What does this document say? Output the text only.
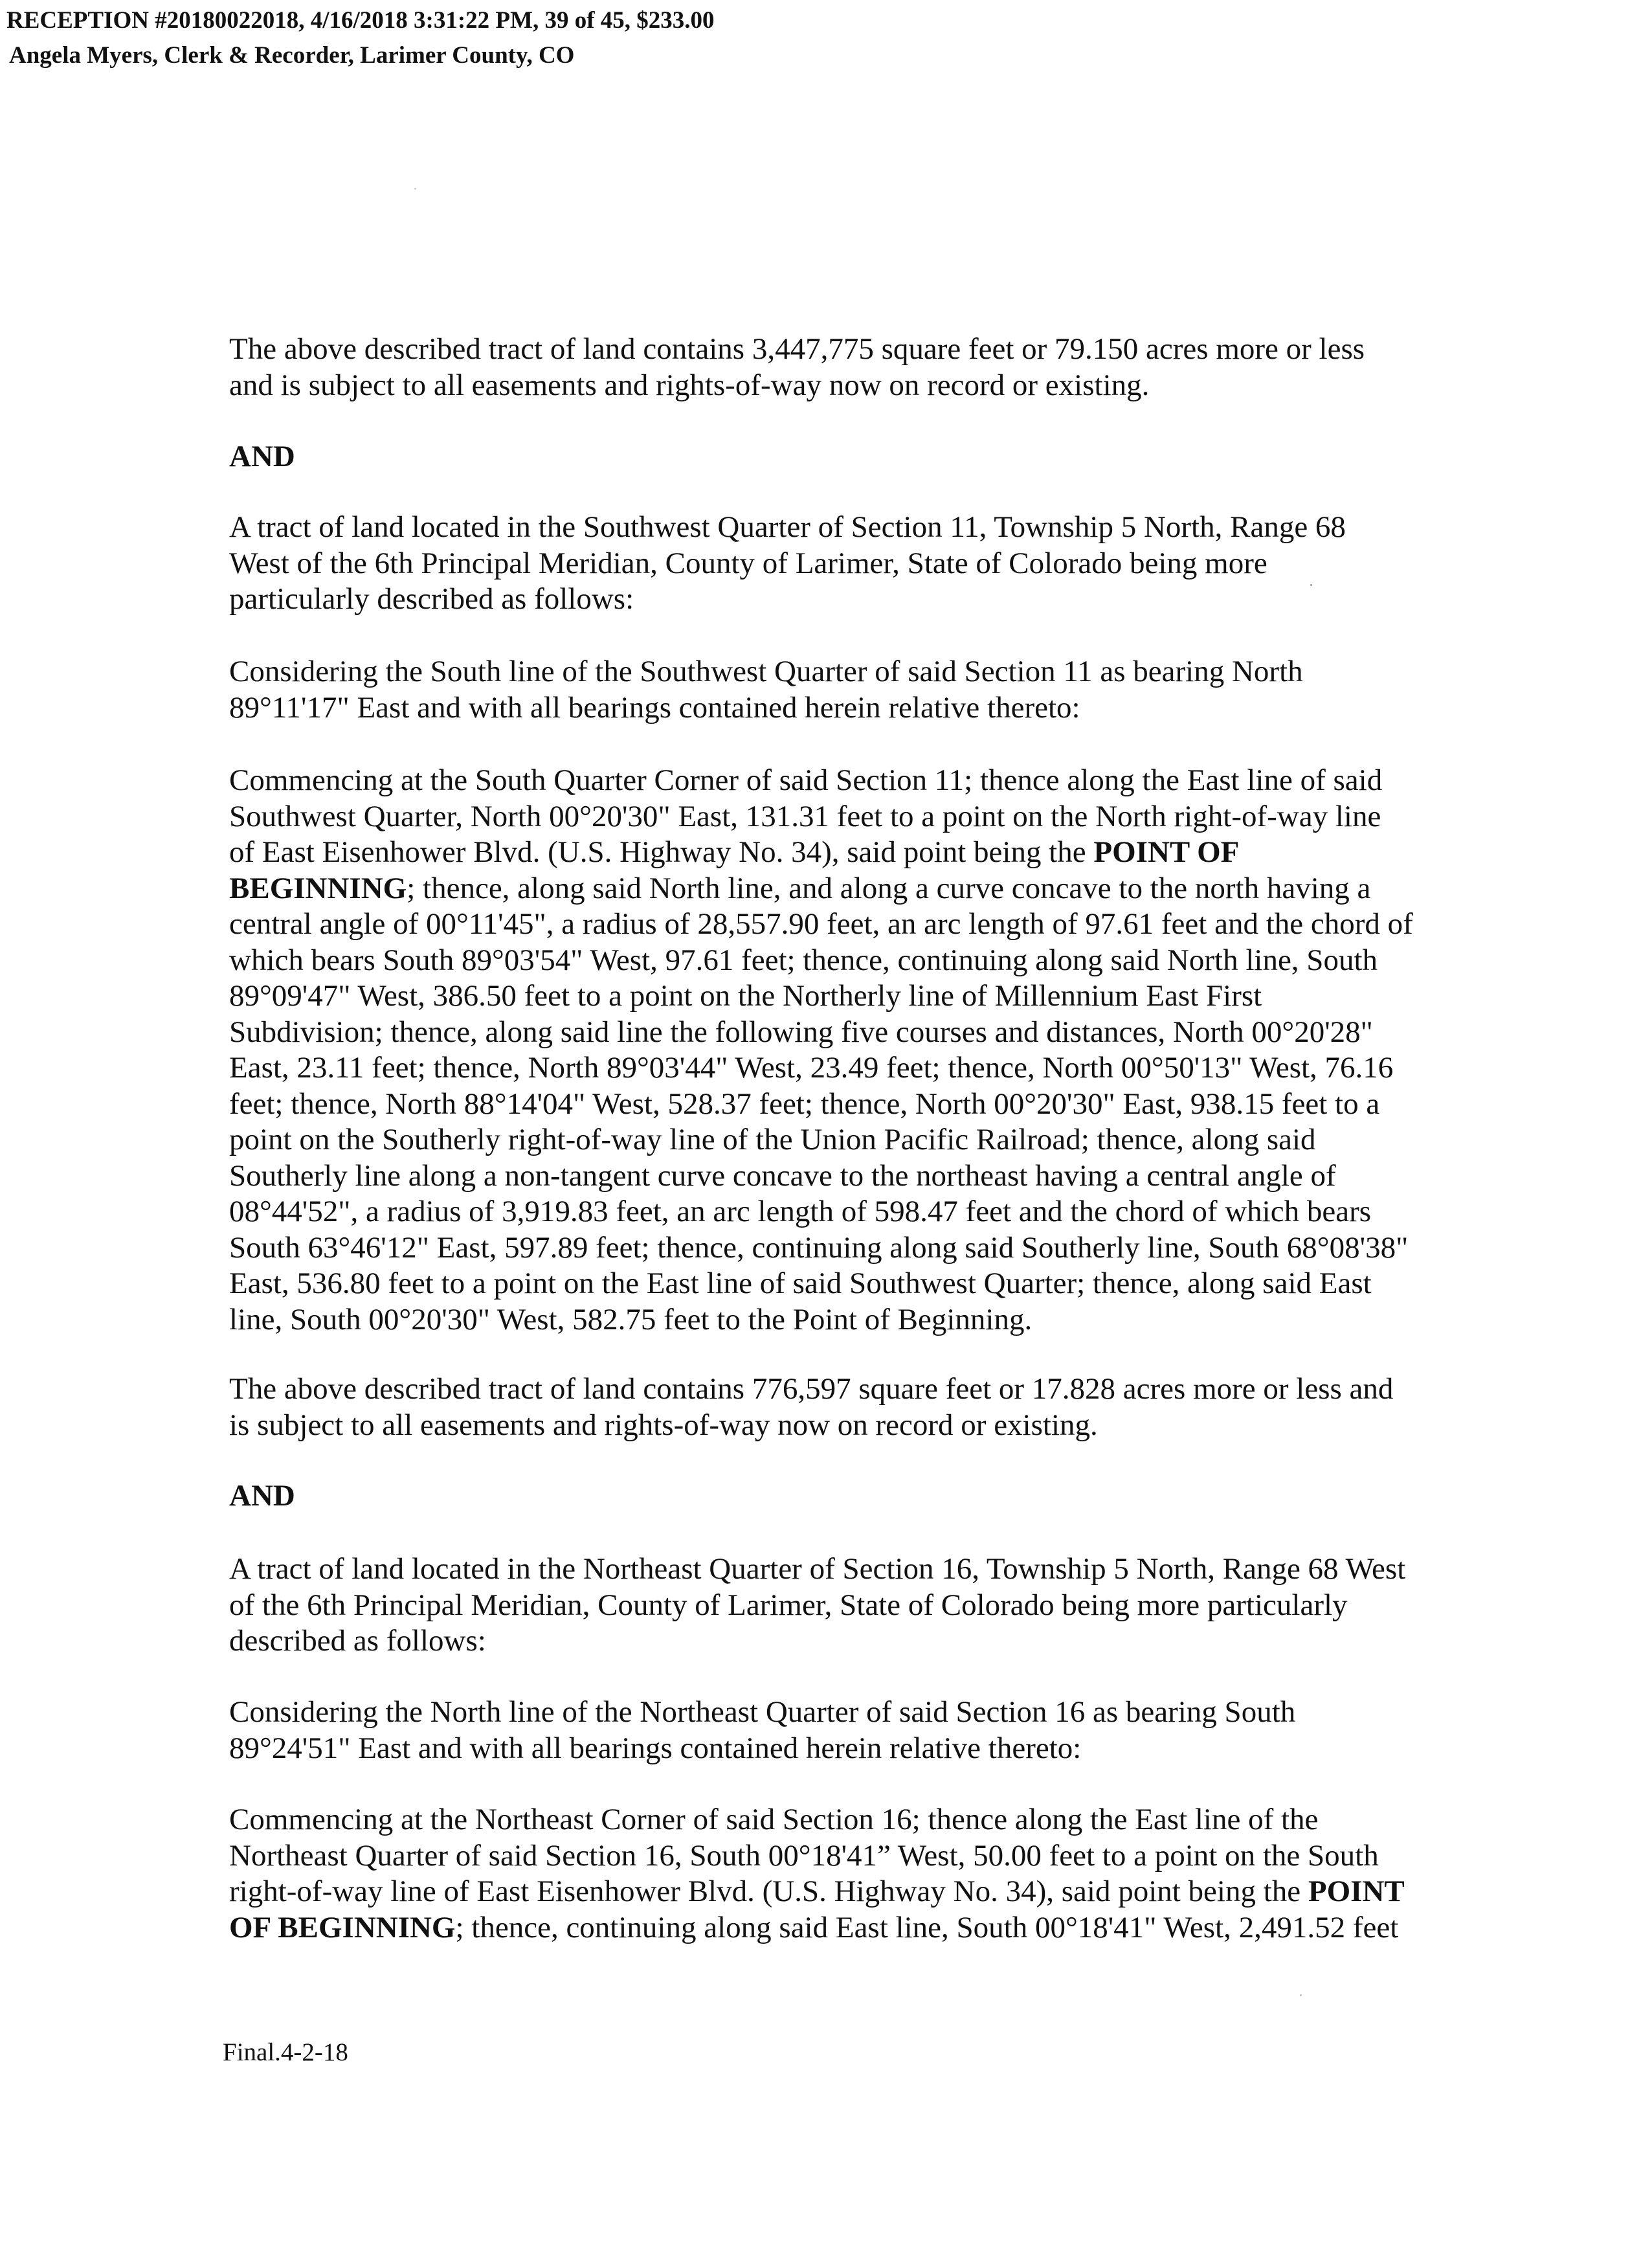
RECEPTION #20180022018, 4/16/2018 3:31:22 PM, 39 of 45, $233.00
Angela Myers, Clerk & Recorder, Larimer County, CO
The above described tract of land contains 3,447,775 square feet or 79.150 acres more or less
and is subject to all easements and rights-of-way now on record or existing.
AND
A tract of land located in the Southwest Quarter of Section 11, Township 5 North, Range 68
West of the 6th Principal Meridian, County of Larimer, State of Colorado being more
particularly described as follows:
Considering the South line of the Southwest Quarter of said Section 11 as bearing North
89°11'17" East and with all bearings contained herein relative thereto:
Commencing at the South Quarter Corner of said Section 11; thence along the East line of said
Southwest Quarter, North 00°20'30" East, 131.31 feet to a point on the North right-of-way line
of East Eisenhower Blvd. (U.S. Highway No. 34), said point being the POINT OF
BEGINNING; thence, along said North line, and along a curve concave to the north having a
central angle of 00°11'45", a radius of 28,557.90 feet, an arc length of 97.61 feet and the chord of
which bears South 89°03'54" West, 97.61 feet; thence, continuing along said North line, South
89°09'47" West, 386.50 feet to a point on the Northerly line of Millennium East First
Subdivision; thence, along said line the following five courses and distances, North 00°20'28"
East, 23.11 feet; thence, North 89°03'44" West, 23.49 feet; thence, North 00°50'13" West, 76.16
feet; thence, North 88°14'04" West, 528.37 feet; thence, North 00°20'30" East, 938.15 feet to a
point on the Southerly right-of-way line of the Union Pacific Railroad; thence, along said
Southerly line along a non-tangent curve concave to the northeast having a central angle of
08°44'52", a radius of 3,919.83 feet, an arc length of 598.47 feet and the chord of which bears
South 63°46'12" East, 597.89 feet; thence, continuing along said Southerly line, South 68°08'38"
East, 536.80 feet to a point on the East line of said Southwest Quarter; thence, along said East
line, South 00°20'30" West, 582.75 feet to the Point of Beginning.
The above described tract of land contains 776,597 square feet or 17.828 acres more or less and
is subject to all easements and rights-of-way now on record or existing.
AND
A tract of land located in the Northeast Quarter of Section 16, Township 5 North, Range 68 West
of the 6th Principal Meridian, County of Larimer, State of Colorado being more particularly
described as follows:
Considering the North line of the Northeast Quarter of said Section 16 as bearing South
89°24'51" East and with all bearings contained herein relative thereto:
Commencing at the Northeast Corner of said Section 16; thence along the East line of the
Northeast Quarter of said Section 16, South 00°18'41” West, 50.00 feet to a point on the South
right-of-way line of East Eisenhower Blvd. (U.S. Highway No. 34), said point being the POINT
OF BEGINNING; thence, continuing along said East line, South 00°18'41" West, 2,491.52 feet
Final.4-2-18
